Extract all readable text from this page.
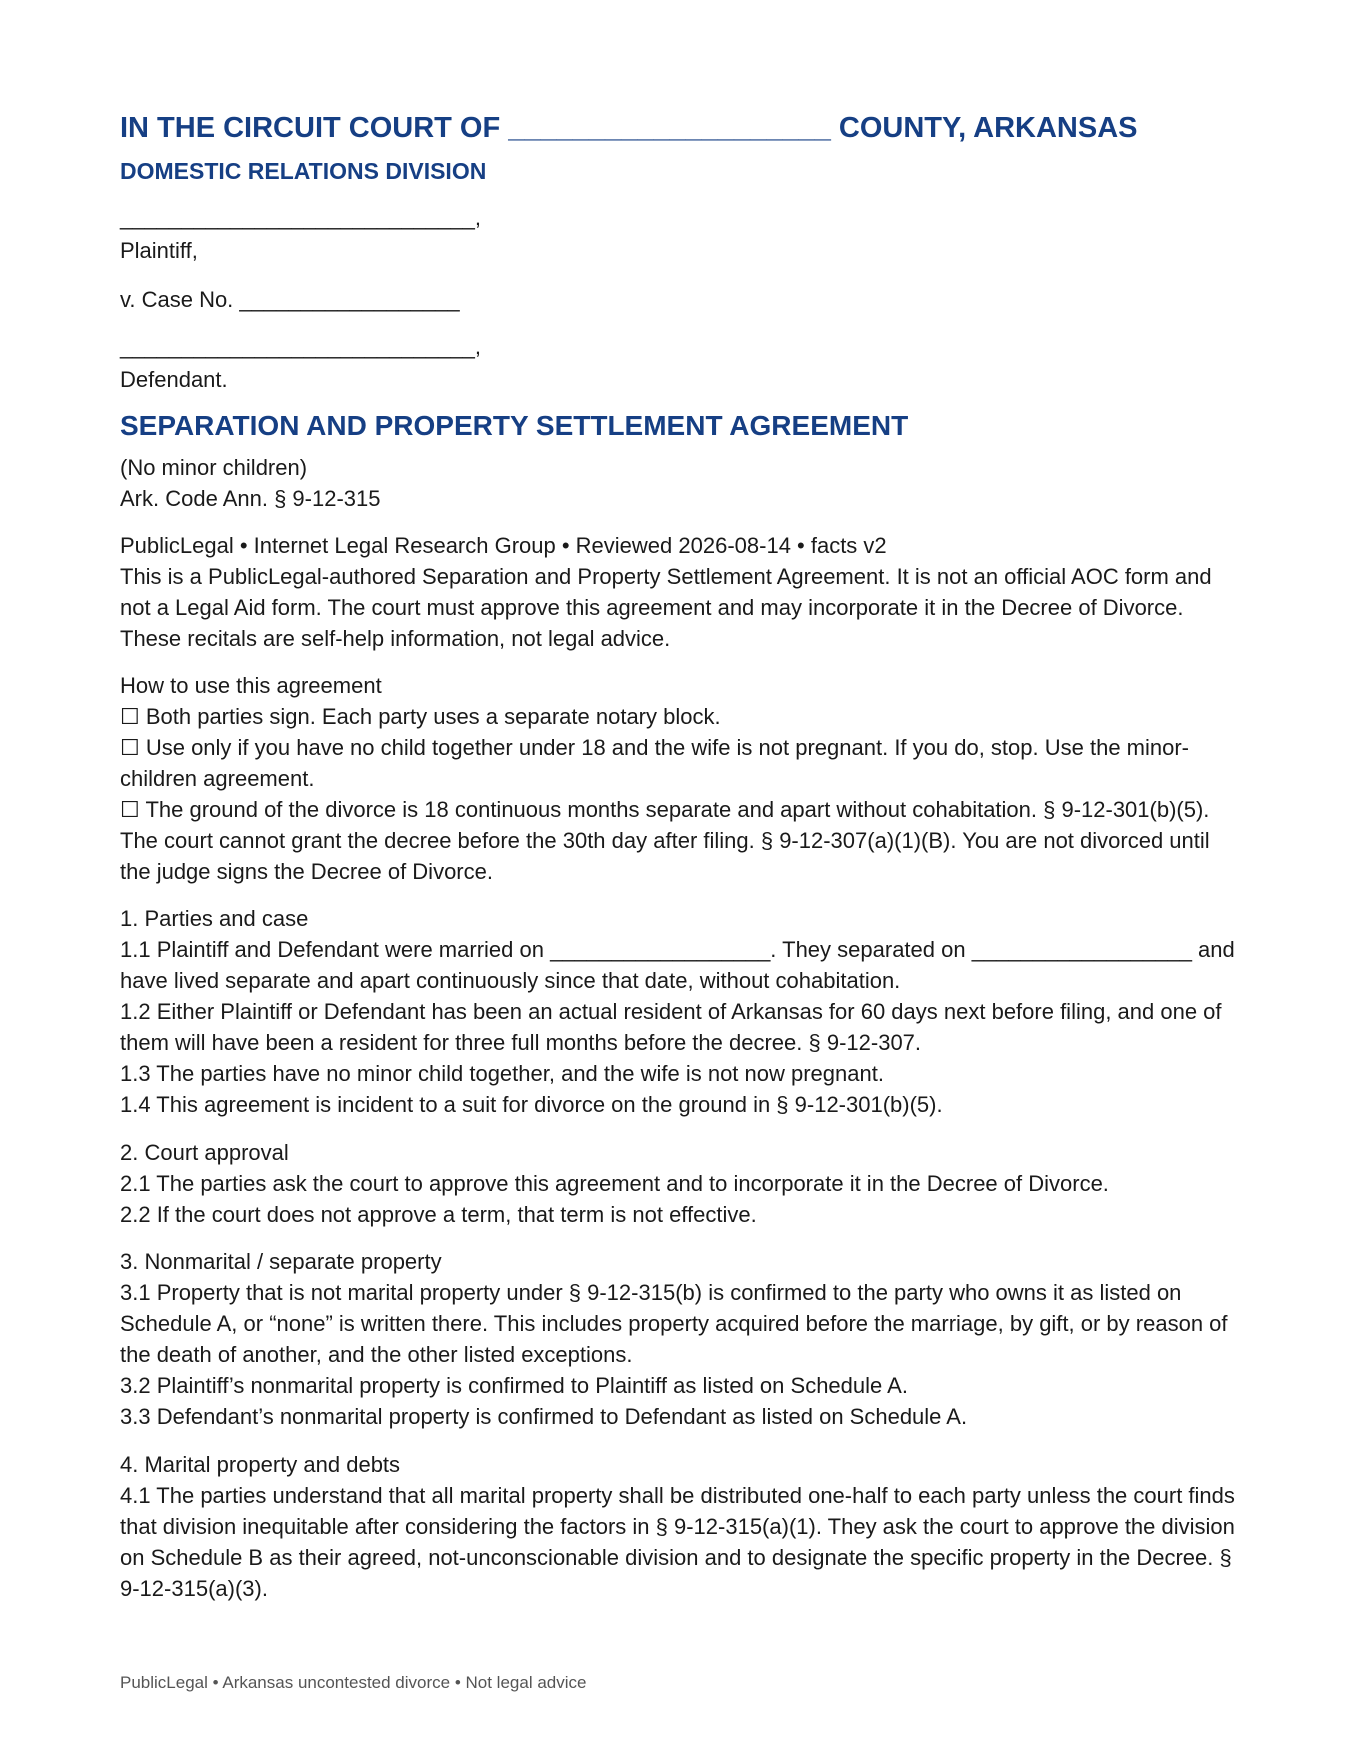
IN THE CIRCUIT COURT OF ____________________ COUNTY, ARKANSAS
DOMESTIC RELATIONS DIVISION
_____________________________,
Plaintiff,
v. Case No. __________________
_____________________________,
Defendant.
SEPARATION AND PROPERTY SETTLEMENT AGREEMENT

(No minor children)

Ark. Code Ann. § 9-12-315

PublicLegal • Internet Legal Research Group • Reviewed 2026-08-14 • facts v2

This is a PublicLegal-authored Separation and Property Settlement Agreement. It is not an official AOC form and not a Legal Aid form. The court must approve this agreement and may incorporate it in the Decree of Divorce. These recitals are self-help information, not legal advice.

How to use this agreement

☐ Both parties sign. Each party uses a separate notary block.

☐ Use only if you have no child together under 18 and the wife is not pregnant. If you do, stop. Use the minor-children agreement.

☐ The ground of the divorce is 18 continuous months separate and apart without cohabitation. § 9-12-301(b)(5). The court cannot grant the decree before the 30th day after filing. § 9-12-307(a)(1)(B). You are not divorced until the judge signs the Decree of Divorce.

1. Parties and case

1.1 Plaintiff and Defendant were married on __________________. They separated on __________________ and have lived separate and apart continuously since that date, without cohabitation.

1.2 Either Plaintiff or Defendant has been an actual resident of Arkansas for 60 days next before filing, and one of them will have been a resident for three full months before the decree. § 9-12-307.

1.3 The parties have no minor child together, and the wife is not now pregnant.

1.4 This agreement is incident to a suit for divorce on the ground in § 9-12-301(b)(5).

2. Court approval

2.1 The parties ask the court to approve this agreement and to incorporate it in the Decree of Divorce.

2.2 If the court does not approve a term, that term is not effective.

3. Nonmarital / separate property

3.1 Property that is not marital property under § 9-12-315(b) is confirmed to the party who owns it as listed on Schedule A, or “none” is written there. This includes property acquired before the marriage, by gift, or by reason of the death of another, and the other listed exceptions.

3.2 Plaintiff’s nonmarital property is confirmed to Plaintiff as listed on Schedule A.

3.3 Defendant’s nonmarital property is confirmed to Defendant as listed on Schedule A.

4. Marital property and debts

4.1 The parties understand that all marital property shall be distributed one-half to each party unless the court finds that division inequitable after considering the factors in § 9-12-315(a)(1). They ask the court to approve the division on Schedule B as their agreed, not-unconscionable division and to designate the specific property in the Decree. § 9-12-315(a)(3).

PublicLegal • Arkansas uncontested divorce • Not legal advice
